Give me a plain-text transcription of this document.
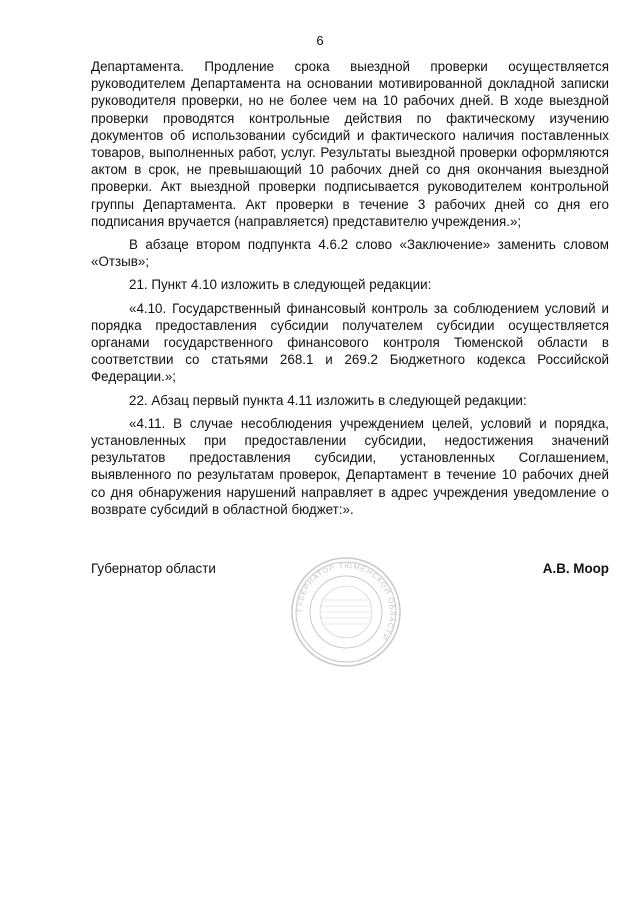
6

Департамента. Продление срока выездной проверки осуществляется руководителем Департамента на основании мотивированной докладной записки руководителя проверки, но не более чем на 10 рабочих дней. В ходе выездной проверки проводятся контрольные действия по фактическому изучению документов об использовании субсидий и фактического наличия поставленных товаров, выполненных работ, услуг. Результаты выездной проверки оформляются актом в срок, не превышающий 10 рабочих дней со дня окончания выездной проверки. Акт выездной проверки подписывается руководителем контрольной группы Департамента. Акт проверки в течение 3 рабочих дней со дня его подписания вручается (направляется) представителю учреждения.»;

В абзаце втором подпункта 4.6.2 слово «Заключение» заменить словом «Отзыв»;

21. Пункт 4.10 изложить в следующей редакции:

«4.10. Государственный финансовый контроль за соблюдением условий и порядка предоставления субсидии получателем субсидии осуществляется органами государственного финансового контроля Тюменской области в соответствии со статьями 268.1 и 269.2 Бюджетного кодекса Российской Федерации.»;

22. Абзац первый пункта 4.11 изложить в следующей редакции:

«4.11. В случае несоблюдения учреждением целей, условий и порядка, установленных при предоставлении субсидии, недостижения значений результатов предоставления субсидии, установленных Соглашением, выявленного по результатам проверок, Департамент в течение 10 рабочих дней со дня обнаружения нарушений направляет в адрес учреждения уведомление о возврате субсидий в областной бюджет:».

Губернатор области	А.В. Моор
ГУБЕРНАТОР ТЮМЕНСКОЙ ОБЛАСТИ
